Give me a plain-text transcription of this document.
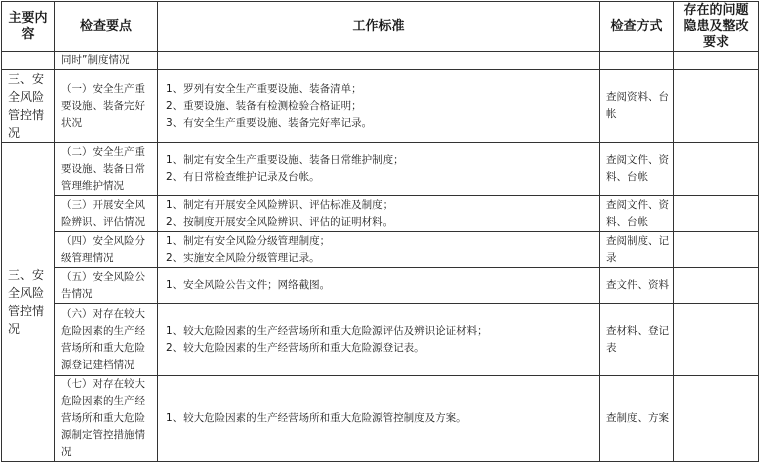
主要内容	检查要点	工作标准	检查方式	存在的问题隐患及整改要求
	同时”制度情况			
三、安全风险管控情况	（一）安全生产重要设施、装备完好状况	1、罗列有安全生产重要设施、装备清单；
2、重要设施、装备有检测检验合格证明；
3、有安全生产重要设施、装备完好率记录。	查阅资料、台帐	
三、安全风险管控情况	（二）安全生产重要设施、装备日常管理维护情况	1、制定有安全生产重要设施、装备日常维护制度；
2、有日常检查维护记录及台帐。	查阅文件、资料、台帐	
	（三）开展安全风险辨识、评估情况	1、制定有开展安全风险辨识、评估标准及制度；
2、按制度开展安全风险辨识、评估的证明材料。	查阅文件、资料、台帐	
	（四）安全风险分级管理情况	1、制定有安全风险分级管理制度；
2、实施安全风险分级管理记录。	查阅制度、记录	
	（五）安全风险公告情况	1、安全风险公告文件；网络截图。	查文件、资料	
	（六）对存在较大危险因素的生产经营场所和重大危险源登记建档情况	1、较大危险因素的生产经营场所和重大危险源评估及辨识论证材料；
2、较大危险因素的生产经营场所和重大危险源登记表。	查材料、登记表	
	（七）对存在较大危险因素的生产经营场所和重大危险源制定管控措施情况	1、较大危险因素的生产经营场所和重大危险源管控制度及方案。	查制度、方案	
